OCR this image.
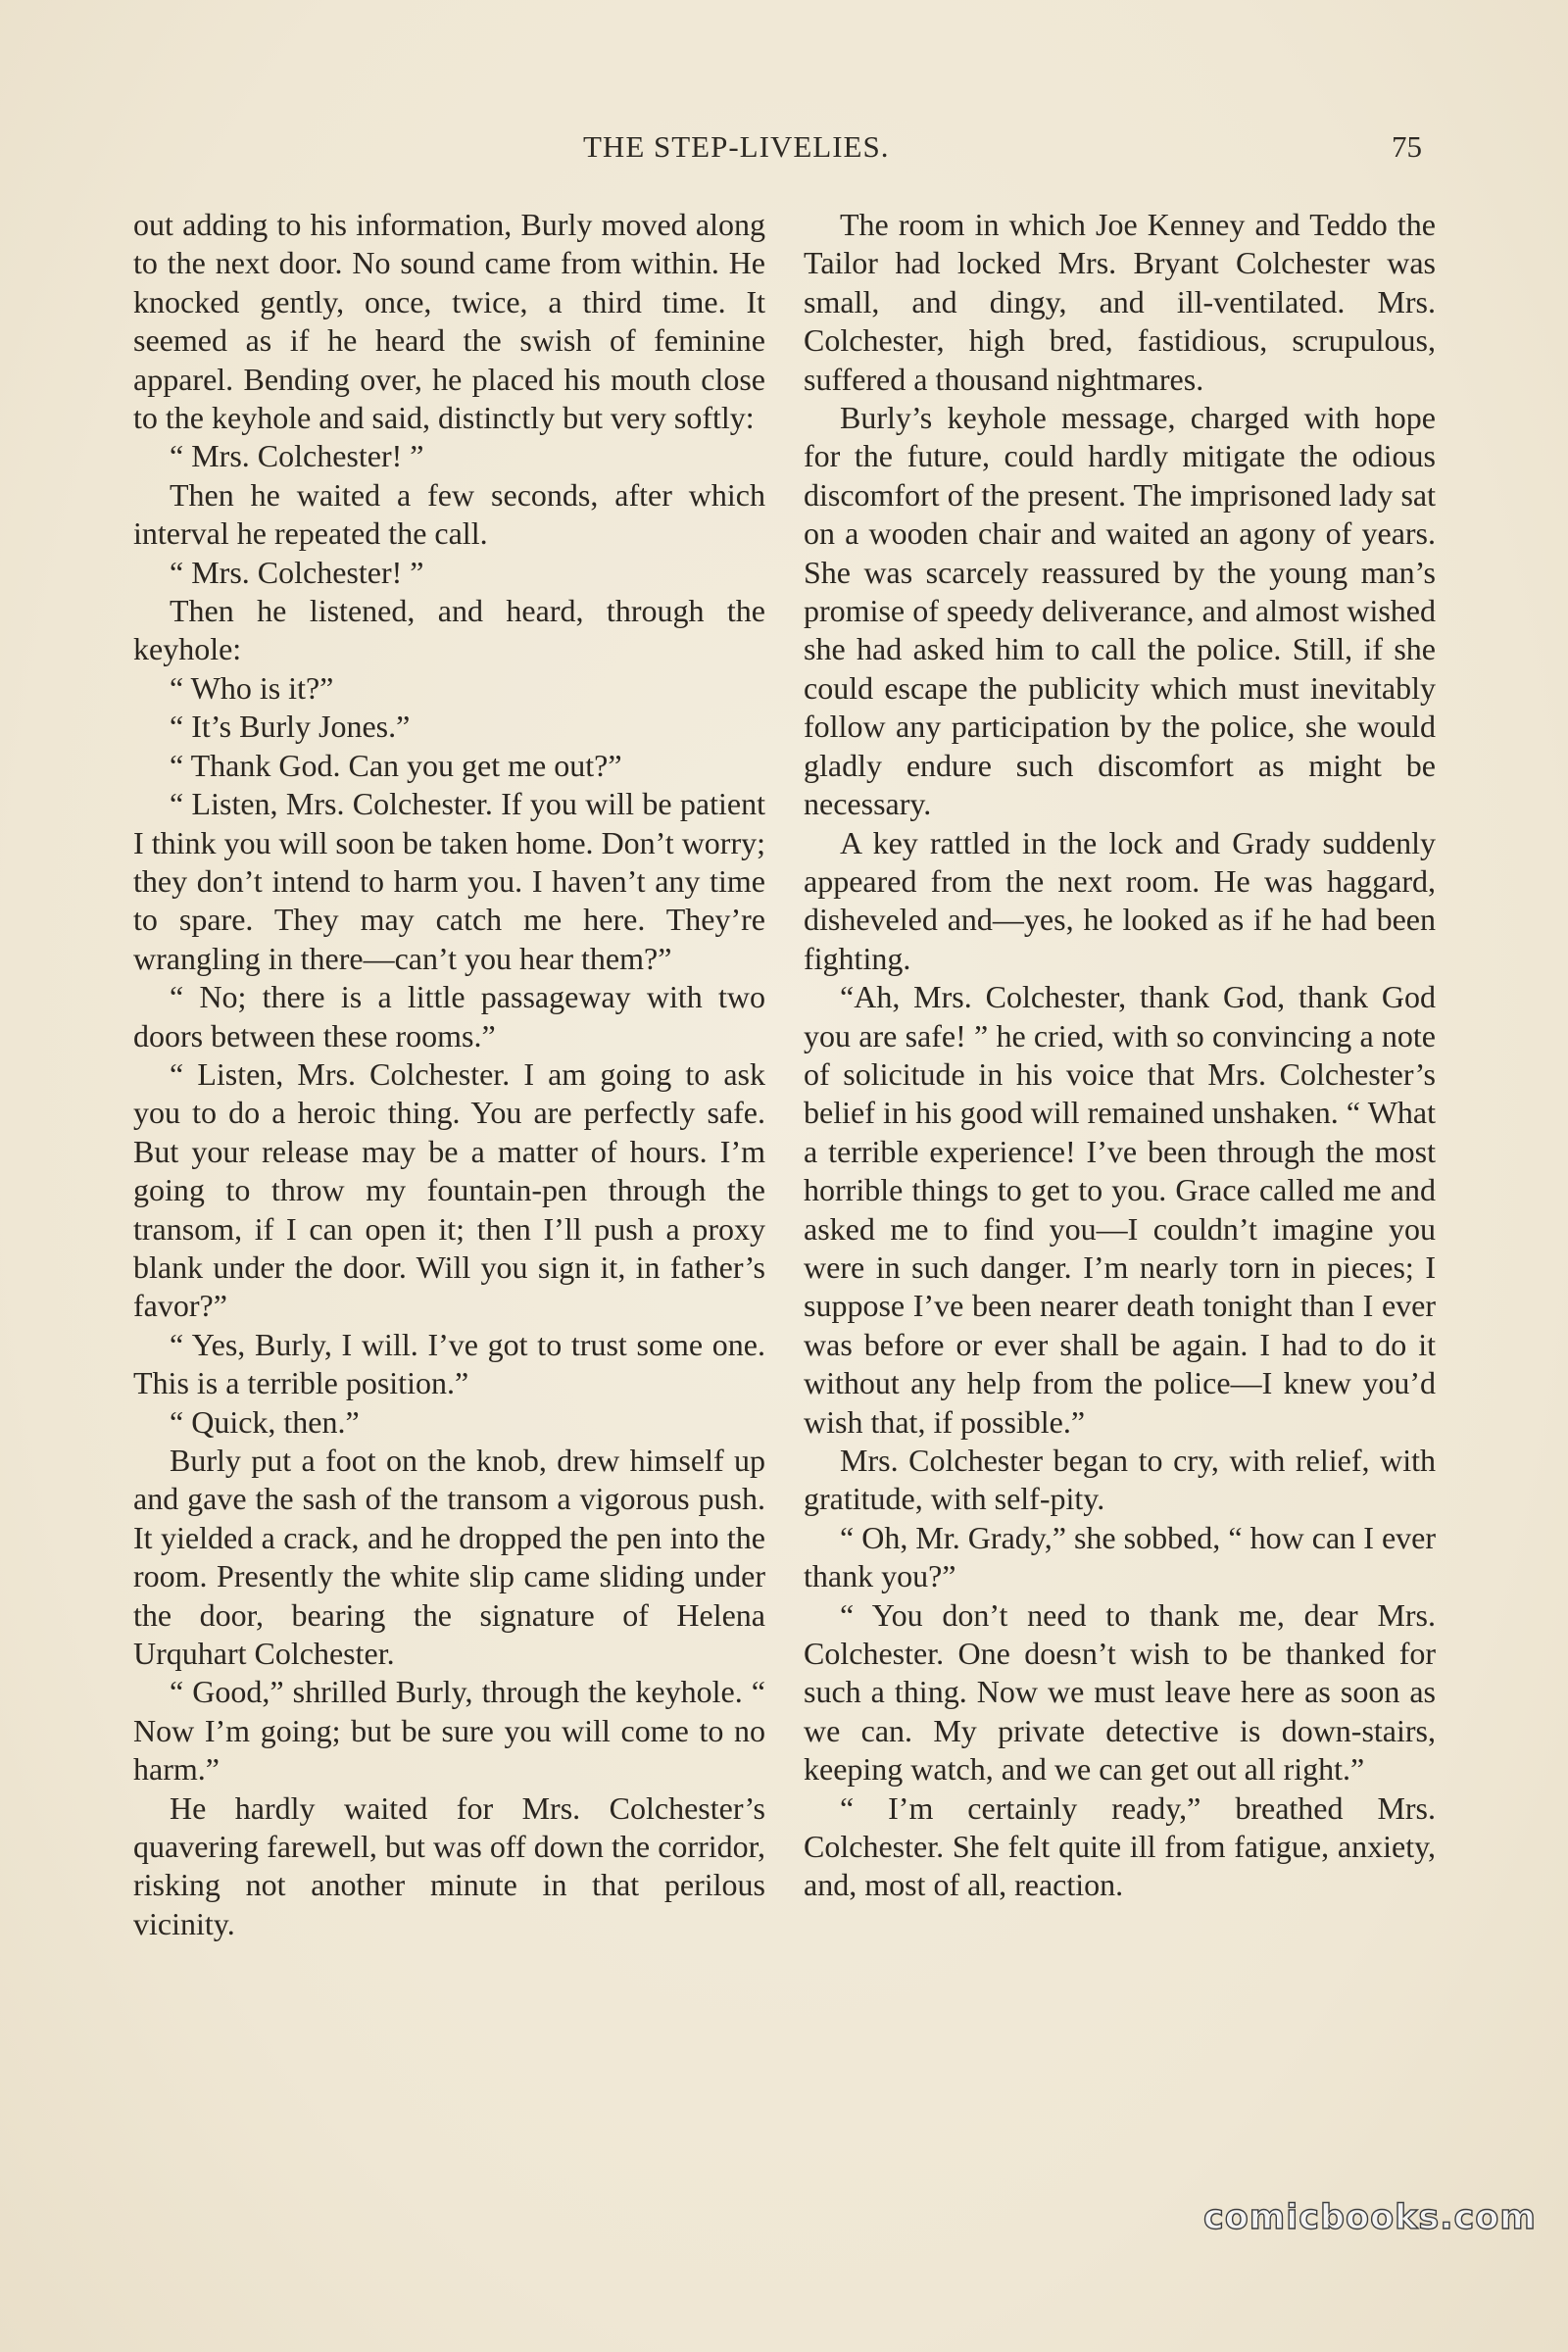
THE STEP-LIVELIES.	75

out adding to his information, Burly moved along to the next door. No sound came from within. He knocked gently, once, twice, a third time. It seemed as if he heard the swish of feminine apparel. Bending over, he placed his mouth close to the keyhole and said, distinctly but very softly:

“ Mrs. Colchester! ”

Then he waited a few seconds, after which interval he repeated the call.

“ Mrs. Colchester! ”

Then he listened, and heard, through the keyhole:

“ Who is it?”

“ It’s Burly Jones.”

“ Thank God. Can you get me out?”

“ Listen, Mrs. Colchester. If you will be patient I think you will soon be taken home. Don’t worry; they don’t intend to harm you. I haven’t any time to spare. They may catch me here. They’re wrangling in there—can’t you hear them?”

“ No; there is a little passageway with two doors between these rooms.”

“ Listen, Mrs. Colchester. I am going to ask you to do a heroic thing. You are perfectly safe. But your release may be a matter of hours. I’m going to throw my fountain-pen through the transom, if I can open it; then I’ll push a proxy blank under the door. Will you sign it, in father’s favor?”

“ Yes, Burly, I will. I’ve got to trust some one. This is a terrible position.”

“ Quick, then.”

Burly put a foot on the knob, drew himself up and gave the sash of the transom a vigorous push. It yielded a crack, and he dropped the pen into the room. Presently the white slip came sliding under the door, bearing the signature of Helena Urquhart Colchester.

“ Good,” shrilled Burly, through the keyhole. “ Now I’m going; but be sure you will come to no harm.”

He hardly waited for Mrs. Colchester’s quavering farewell, but was off down the corridor, risking not another minute in that perilous vicinity.

The room in which Joe Kenney and Teddo the Tailor had locked Mrs. Bryant Colchester was small, and dingy, and ill-ventilated. Mrs. Colchester, high bred, fastidious, scrupulous, suffered a thousand nightmares.

Burly’s keyhole message, charged with hope for the future, could hardly mitigate the odious discomfort of the present. The imprisoned lady sat on a wooden chair and waited an agony of years. She was scarcely reassured by the young man’s promise of speedy deliverance, and almost wished she had asked him to call the police. Still, if she could escape the publicity which must inevitably follow any participation by the police, she would gladly endure such discomfort as might be necessary.

A key rattled in the lock and Grady suddenly appeared from the next room. He was haggard, disheveled and—yes, he looked as if he had been fighting.

“Ah, Mrs. Colchester, thank God, thank God you are safe! ” he cried, with so convincing a note of solicitude in his voice that Mrs. Colchester’s belief in his good will remained unshaken. “ What a terrible experience! I’ve been through the most horrible things to get to you. Grace called me and asked me to find you—I couldn’t imagine you were in such danger. I’m nearly torn in pieces; I suppose I’ve been nearer death tonight than I ever was before or ever shall be again. I had to do it without any help from the police—I knew you’d wish that, if possible.”

Mrs. Colchester began to cry, with relief, with gratitude, with self-pity.

“ Oh, Mr. Grady,” she sobbed, “ how can I ever thank you?”

“ You don’t need to thank me, dear Mrs. Colchester. One doesn’t wish to be thanked for such a thing. Now we must leave here as soon as we can. My private detective is down-stairs, keeping watch, and we can get out all right.”

“ I’m certainly ready,” breathed Mrs. Colchester. She felt quite ill from fatigue, anxiety, and, most of all, reaction.

comicbooks.com
